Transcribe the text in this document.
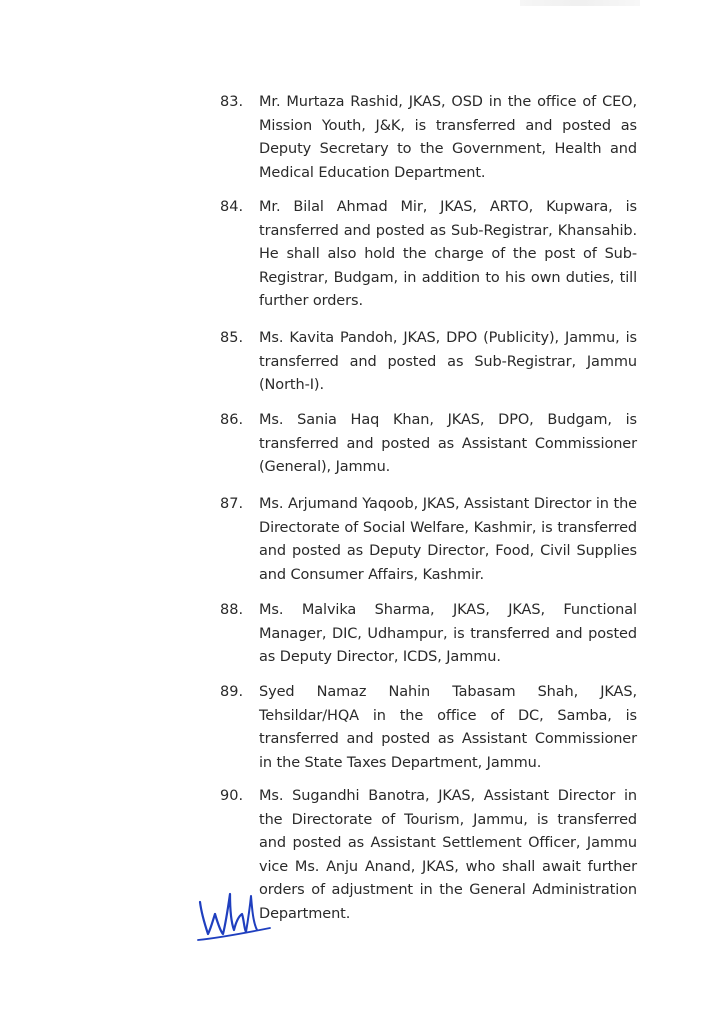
83.	Mr. Murtaza Rashid, JKAS, OSD in the office of CEO, Mission Youth, J&K, is transferred and posted as Deputy Secretary to the Government, Health and Medical Education Department.
84.	Mr. Bilal Ahmad Mir, JKAS, ARTO, Kupwara, is transferred and posted as Sub-Registrar, Khansahib. He shall also hold the charge of the post of Sub-Registrar, Budgam, in addition to his own duties, till further orders.
85.	Ms. Kavita Pandoh, JKAS, DPO (Publicity), Jammu, is transferred and posted as Sub-Registrar, Jammu (North-I).
86.	Ms. Sania Haq Khan, JKAS, DPO, Budgam, is transferred and posted as Assistant Commissioner (General), Jammu.
87.	Ms. Arjumand Yaqoob, JKAS, Assistant Director in the Directorate of Social Welfare, Kashmir, is transferred and posted as Deputy Director, Food, Civil Supplies and Consumer Affairs, Kashmir.
88.	Ms. Malvika Sharma, JKAS, JKAS, Functional Manager, DIC, Udhampur, is transferred and posted as Deputy Director, ICDS, Jammu.
89.	Syed Namaz Nahin Tabasam Shah, JKAS, Tehsildar/HQA in the office of DC, Samba, is transferred and posted as Assistant Commissioner in the State Taxes Department, Jammu.
90.	Ms. Sugandhi Banotra, JKAS, Assistant Director in the Directorate of Tourism, Jammu, is transferred and posted as Assistant Settlement Officer, Jammu vice Ms. Anju Anand, JKAS, who shall await further orders of adjustment in the General Administration Department.
